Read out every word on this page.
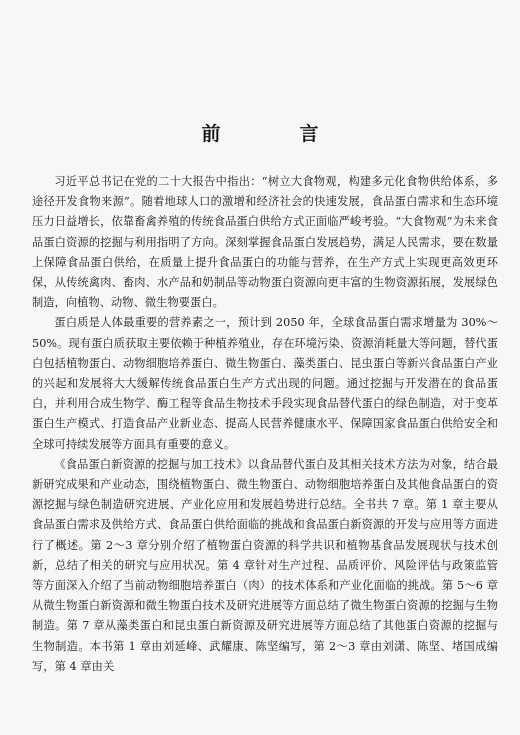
前　言

习近平总书记在党的二十大报告中指出：“树立大食物观，构建多元化食物供给体系，多途径开发食物来源”。随着地球人口的激增和经济社会的快速发展，食品蛋白需求和生态环境压力日益增长，依靠畜禽养殖的传统食品蛋白供给方式正面临严峻考验。“大食物观”为未来食品蛋白资源的挖掘与利用指明了方向。深刻掌握食品蛋白发展趋势，满足人民需求，要在数量上保障食品蛋白供给，在质量上提升食品蛋白的功能与营养，在生产方式上实现更高效更环保，从传统禽肉、畜肉、水产品和奶制品等动物蛋白资源向更丰富的生物资源拓展，发展绿色制造，向植物、动物、微生物要蛋白。

蛋白质是人体最重要的营养素之一，预计到 2050 年，全球食品蛋白需求增量为 30%～50%。现有蛋白质获取主要依赖于种植养殖业，存在环境污染、资源消耗量大等问题，替代蛋白包括植物蛋白、动物细胞培养蛋白、微生物蛋白、藻类蛋白、昆虫蛋白等新兴食品蛋白产业的兴起和发展将大大缓解传统食品蛋白生产方式出现的问题。通过挖掘与开发潜在的食品蛋白，并利用合成生物学、酶工程等食品生物技术手段实现食品替代蛋白的绿色制造，对于变革蛋白生产模式、打造食品产业新业态、提高人民营养健康水平、保障国家食品蛋白供给安全和全球可持续发展等方面具有重要的意义。

《食品蛋白新资源的挖掘与加工技术》以食品替代蛋白及其相关技术方法为对象，结合最新研究成果和产业动态，围绕植物蛋白、微生物蛋白、动物细胞培养蛋白及其他食品蛋白的资源挖掘与绿色制造研究进展、产业化应用和发展趋势进行总结。全书共 7 章。第 1 章主要从食品蛋白需求及供给方式、食品蛋白供给面临的挑战和食品蛋白新资源的开发与应用等方面进行了概述。第 2～3 章分别介绍了植物蛋白资源的科学共识和植物基食品发展现状与技术创新，总结了相关的研究与应用状况。第 4 章针对生产过程、品质评价、风险评估与政策监管等方面深入介绍了当前动物细胞培养蛋白（肉）的技术体系和产业化面临的挑战。第 5～6 章从微生物蛋白新资源和微生物蛋白技术及研究进展等方面总结了微生物蛋白资源的挖掘与生物制造。第 7 章从藻类蛋白和昆虫蛋白新资源及研究进展等方面总结了其他蛋白资源的挖掘与生物制造。本书第 1 章由刘延峰、武耀康、陈坚编写，第 2～3 章由刘潇、陈坚、堵国成编写，第 4 章由关
